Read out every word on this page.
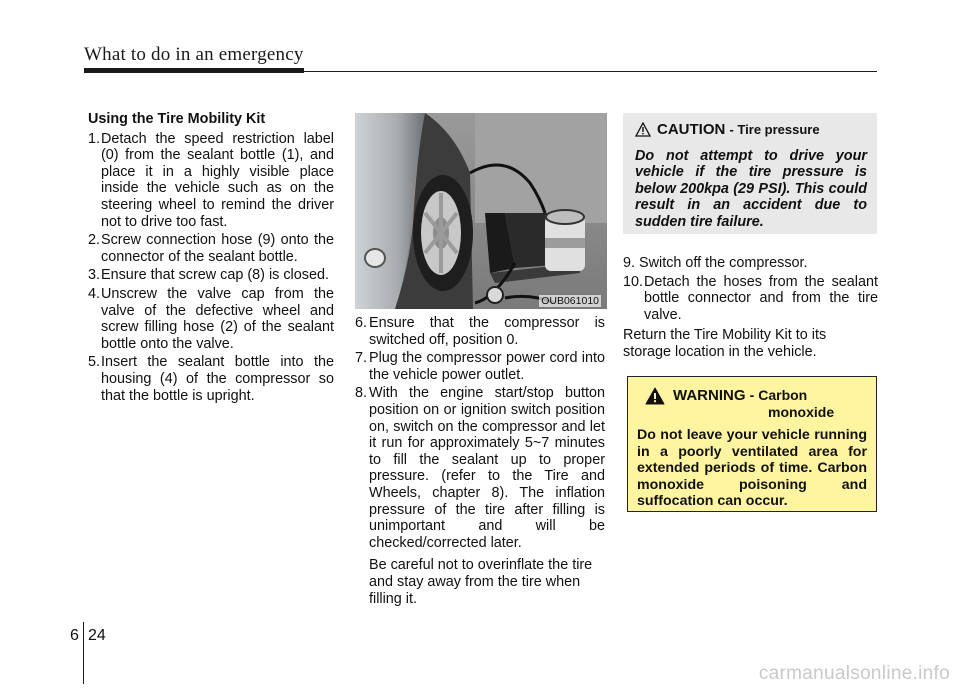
What to do in an emergency
Using the Tire Mobility Kit
1. Detach the speed restriction label (0) from the sealant bottle (1), and place it in a highly visible place inside the vehicle such as on the steering wheel to remind the driver not to drive too fast.
2. Screw connection hose (9) onto the connector of the sealant bottle.
3. Ensure that screw cap (8) is closed.
4. Unscrew the valve cap from the valve of the defective wheel and screw filling hose (2) of the sealant bottle onto the valve.
5. Insert the sealant bottle into the housing (4) of the compressor so that the bottle is upright.
OUB061010
6. Ensure that the compressor is switched off, position 0.
7. Plug the compressor power cord into the vehicle power outlet.
8. With the engine start/stop button position on or ignition switch position on, switch on the compressor and let it run for approximately 5~7 minutes to fill the sealant up to proper pressure. (refer to the Tire and Wheels, chapter 8). The inflation pressure of the tire after filling is unimportant and will be checked/corrected later.

Be careful not to overinflate the tire and stay away from the tire when filling it.

CAUTION - Tire pressure
Do not attempt to drive your vehicle if the tire pressure is below 200kpa (29 PSI). This could result in an accident due to sudden tire failure.
9. Switch off the compressor.
10. Detach the hoses from the sealant bottle connector and from the tire valve.

Return the Tire Mobility Kit to its storage location in the vehicle.

WARNING - Carbon
monoxide
Do not leave your vehicle running in a poorly ventilated area for extended periods of time. Carbon monoxide poisoning and suffocation can occur.
6 24
carmanualsonline.info
